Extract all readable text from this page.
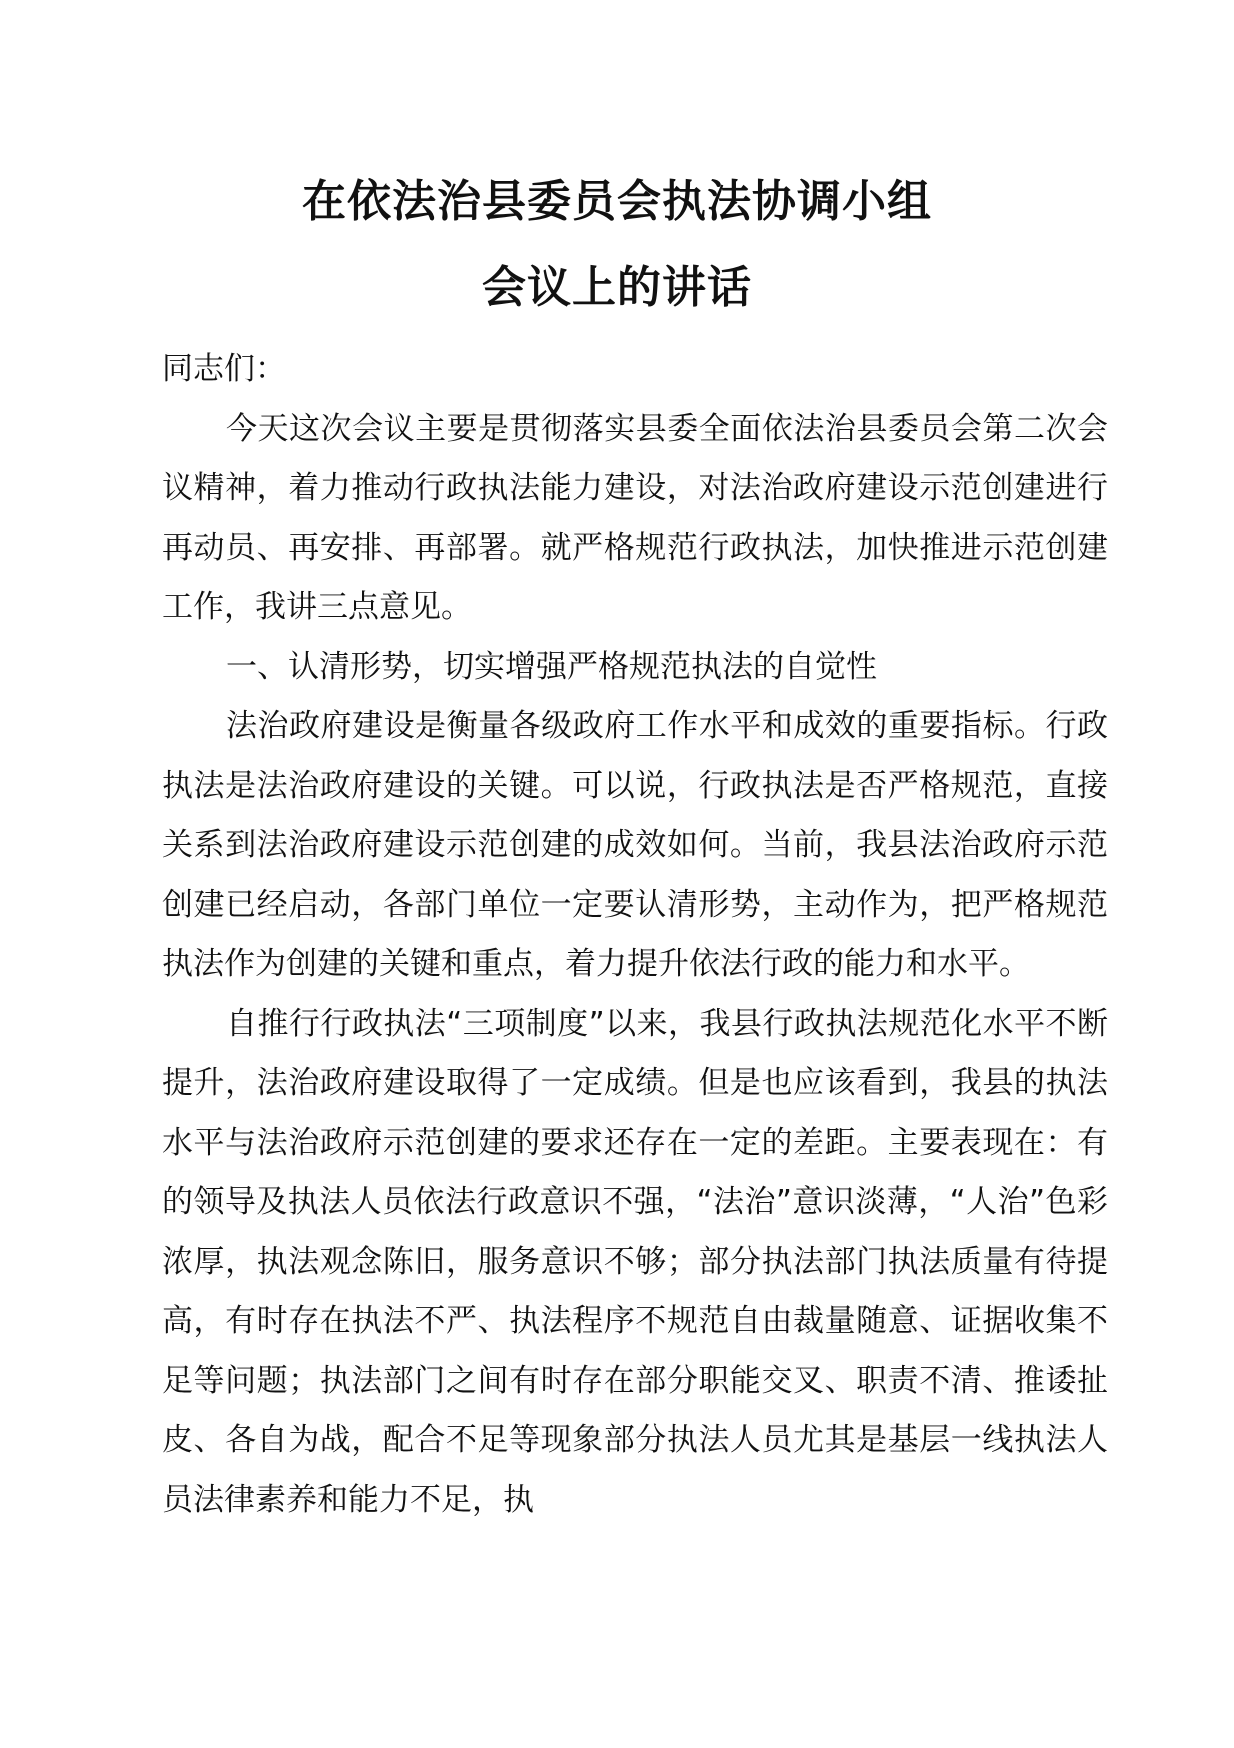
在依法治县委员会执法协调小组
会议上的讲话

同志们：

今天这次会议主要是贯彻落实县委全面依法治县委员会第二次会议精神，着力推动行政执法能力建设，对法治政府建设示范创建进行再动员、再安排、再部署。就严格规范行政执法，加快推进示范创建工作，我讲三点意见。

一、认清形势，切实增强严格规范执法的自觉性

法治政府建设是衡量各级政府工作水平和成效的重要指标。行政执法是法治政府建设的关键。可以说，行政执法是否严格规范，直接关系到法治政府建设示范创建的成效如何。当前，我县法治政府示范创建已经启动，各部门单位一定要认清形势，主动作为，把严格规范执法作为创建的关键和重点，着力提升依法行政的能力和水平。

自推行行政执法“三项制度”以来，我县行政执法规范化水平不断提升，法治政府建设取得了一定成绩。但是也应该看到，我县的执法水平与法治政府示范创建的要求还存在一定的差距。主要表现在：有的领导及执法人员依法行政意识不强，“法治”意识淡薄，“人治”色彩浓厚，执法观念陈旧，服务意识不够；部分执法部门执法质量有待提高，有时存在执法不严、执法程序不规范自由裁量随意、证据收集不足等问题；执法部门之间有时存在部分职能交叉、职责不清、推诿扯皮、各自为战，配合不足等现象部分执法人员尤其是基层一线执法人员法律素养和能力不足，执
